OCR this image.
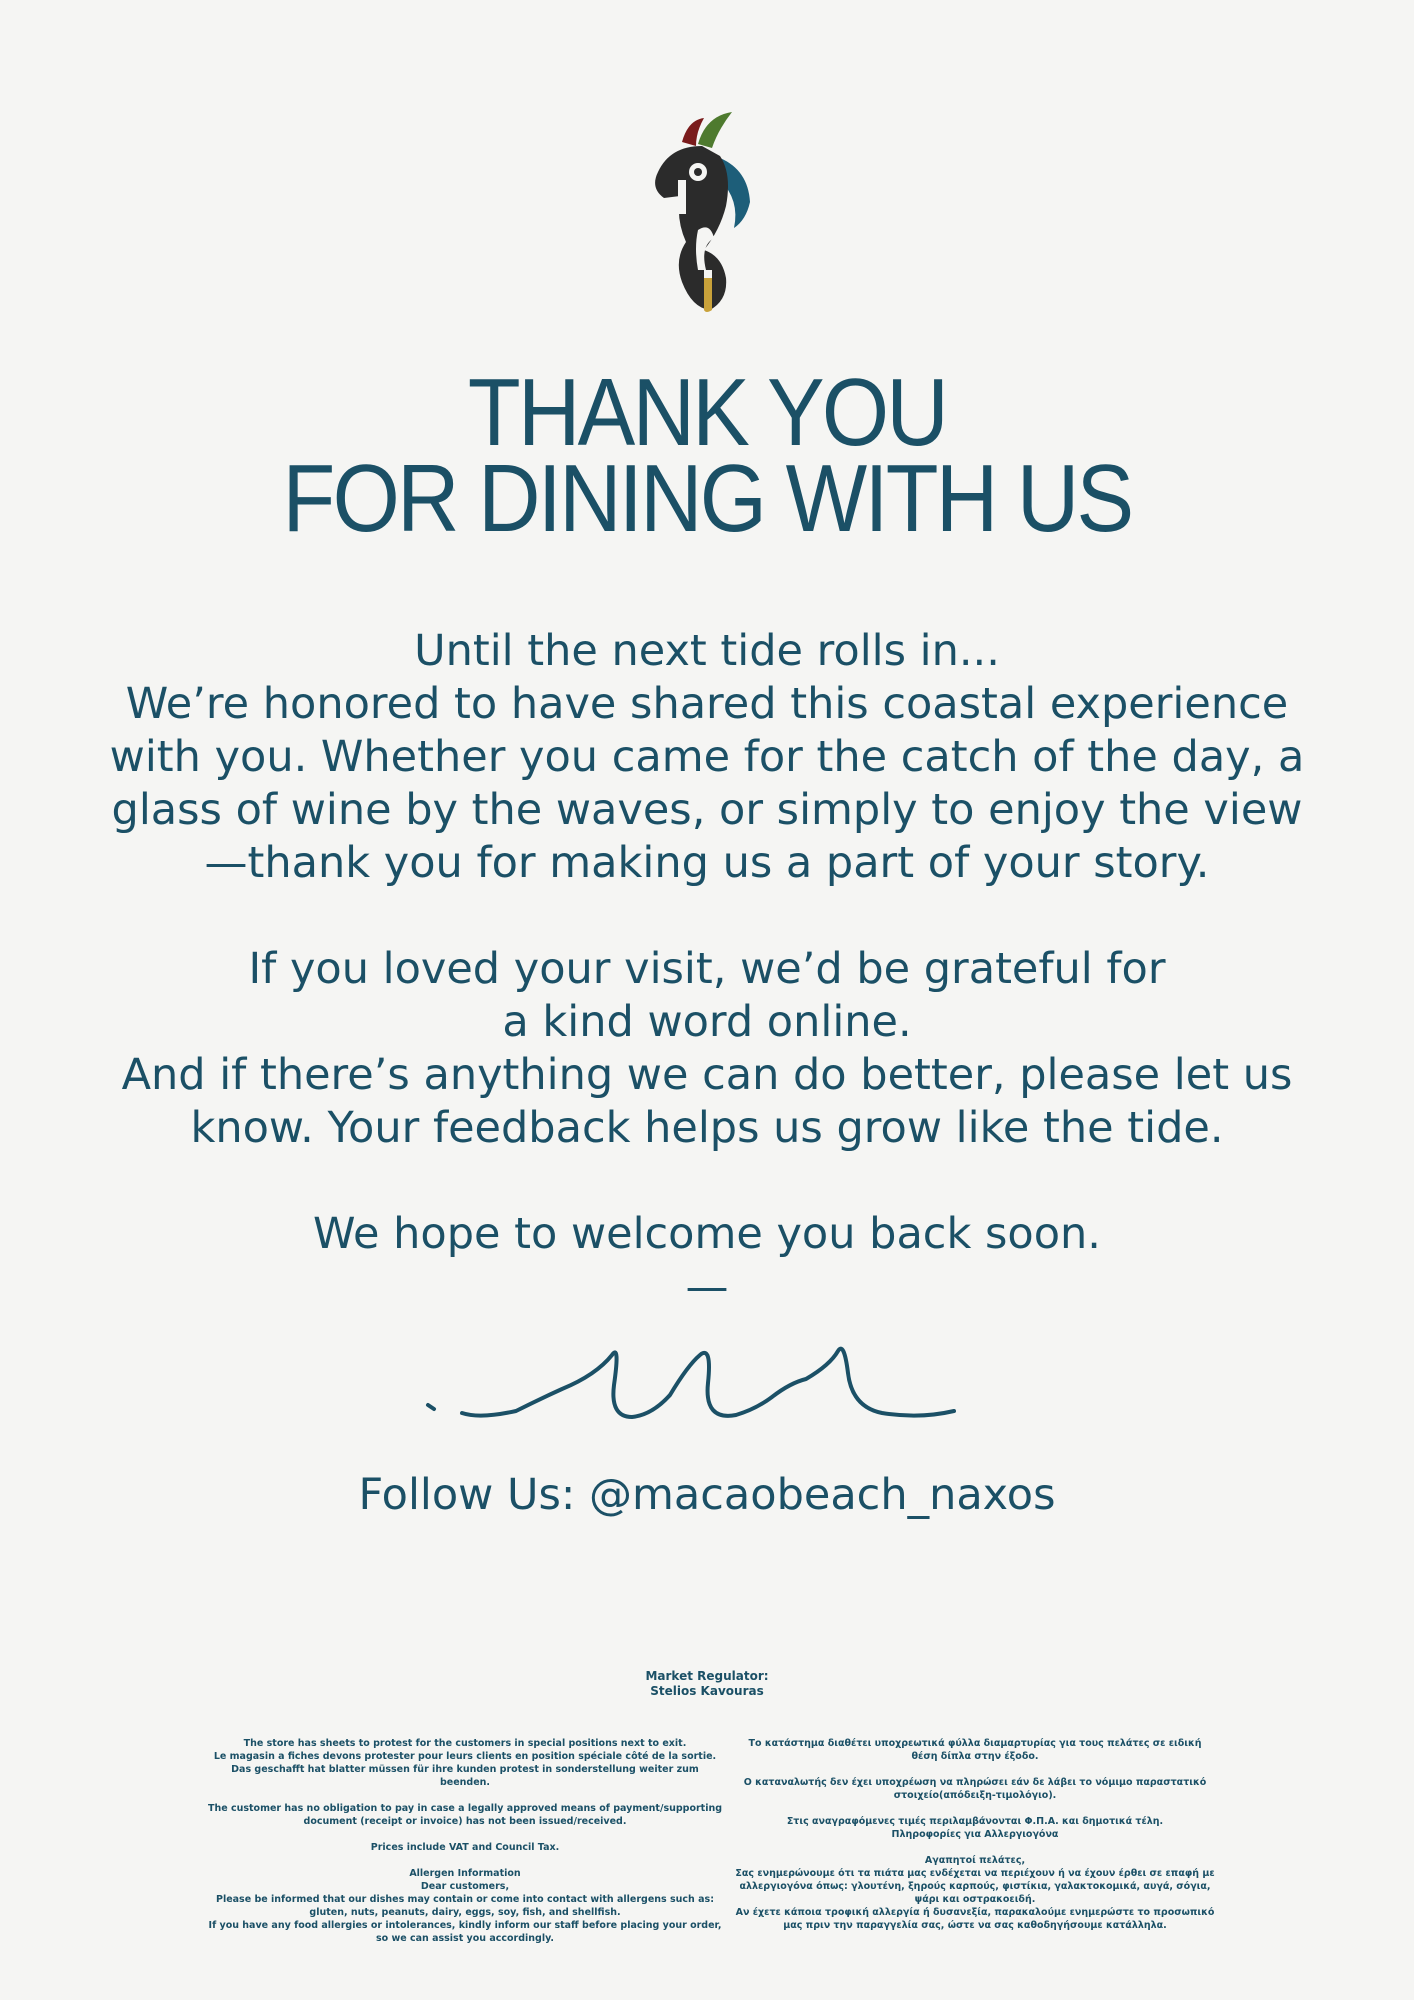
THANK YOU
FOR DINING WITH US

Until the next tide rolls in...

We’re honored to have shared this coastal experience

with you. Whether you came for the catch of the day, a

glass of wine by the waves, or simply to enjoy the view

—thank you for making us a part of your story.

If you loved your visit, we’d be grateful for

a kind word online.

And if there’s anything we can do better, please let us

know. Your feedback helps us grow like the tide.

We hope to welcome you back soon.

—

Follow Us: @macaobeach_naxos
Market Regulator:
Stelios Kavouras

The store has sheets to protest for the customers in special positions next to exit.

Le magasin a fiches devons protester pour leurs clients en position spéciale côté de la sortie.

Das geschafft hat blatter müssen für ihre kunden protest in sonderstellung weiter zum beenden.

The customer has no obligation to pay in case a legally approved means of payment/supporting document (receipt or invoice) has not been issued/received.

Prices include VAT and Council Tax.

Allergen Information

Dear customers,

Please be informed that our dishes may contain or come into contact with allergens such as: gluten, nuts, peanuts, dairy, eggs, soy, fish, and shellfish.

If you have any food allergies or intolerances, kindly inform our staff before placing your order, so we can assist you accordingly.

Το κατάστημα διαθέτει υποχρεωτικά φύλλα διαμαρτυρίας για τους πελάτες σε ειδική θέση δίπλα στην έξοδο.

Ο καταναλωτής δεν έχει υποχρέωση να πληρώσει εάν δε λάβει το νόμιμο παραστατικό στοιχείο(απόδειξη-τιμολόγιο).

Στις αναγραφόμενες τιμές περιλαμβάνονται Φ.Π.Α. και δημοτικά τέλη.

Πληροφορίες για Αλλεργιογόνα

Αγαπητοί πελάτες,

Σας ενημερώνουμε ότι τα πιάτα μας ενδέχεται να περιέχουν ή να έχουν έρθει σε επαφή με αλλεργιογόνα όπως: γλουτένη, ξηρούς καρπούς, φιστίκια, γαλακτοκομικά, αυγά, σόγια, ψάρι και οστρακοειδή.

Αν έχετε κάποια τροφική αλλεργία ή δυσανεξία, παρακαλούμε ενημερώστε το προσωπικό μας πριν την παραγγελία σας, ώστε να σας καθοδηγήσουμε κατάλληλα.
